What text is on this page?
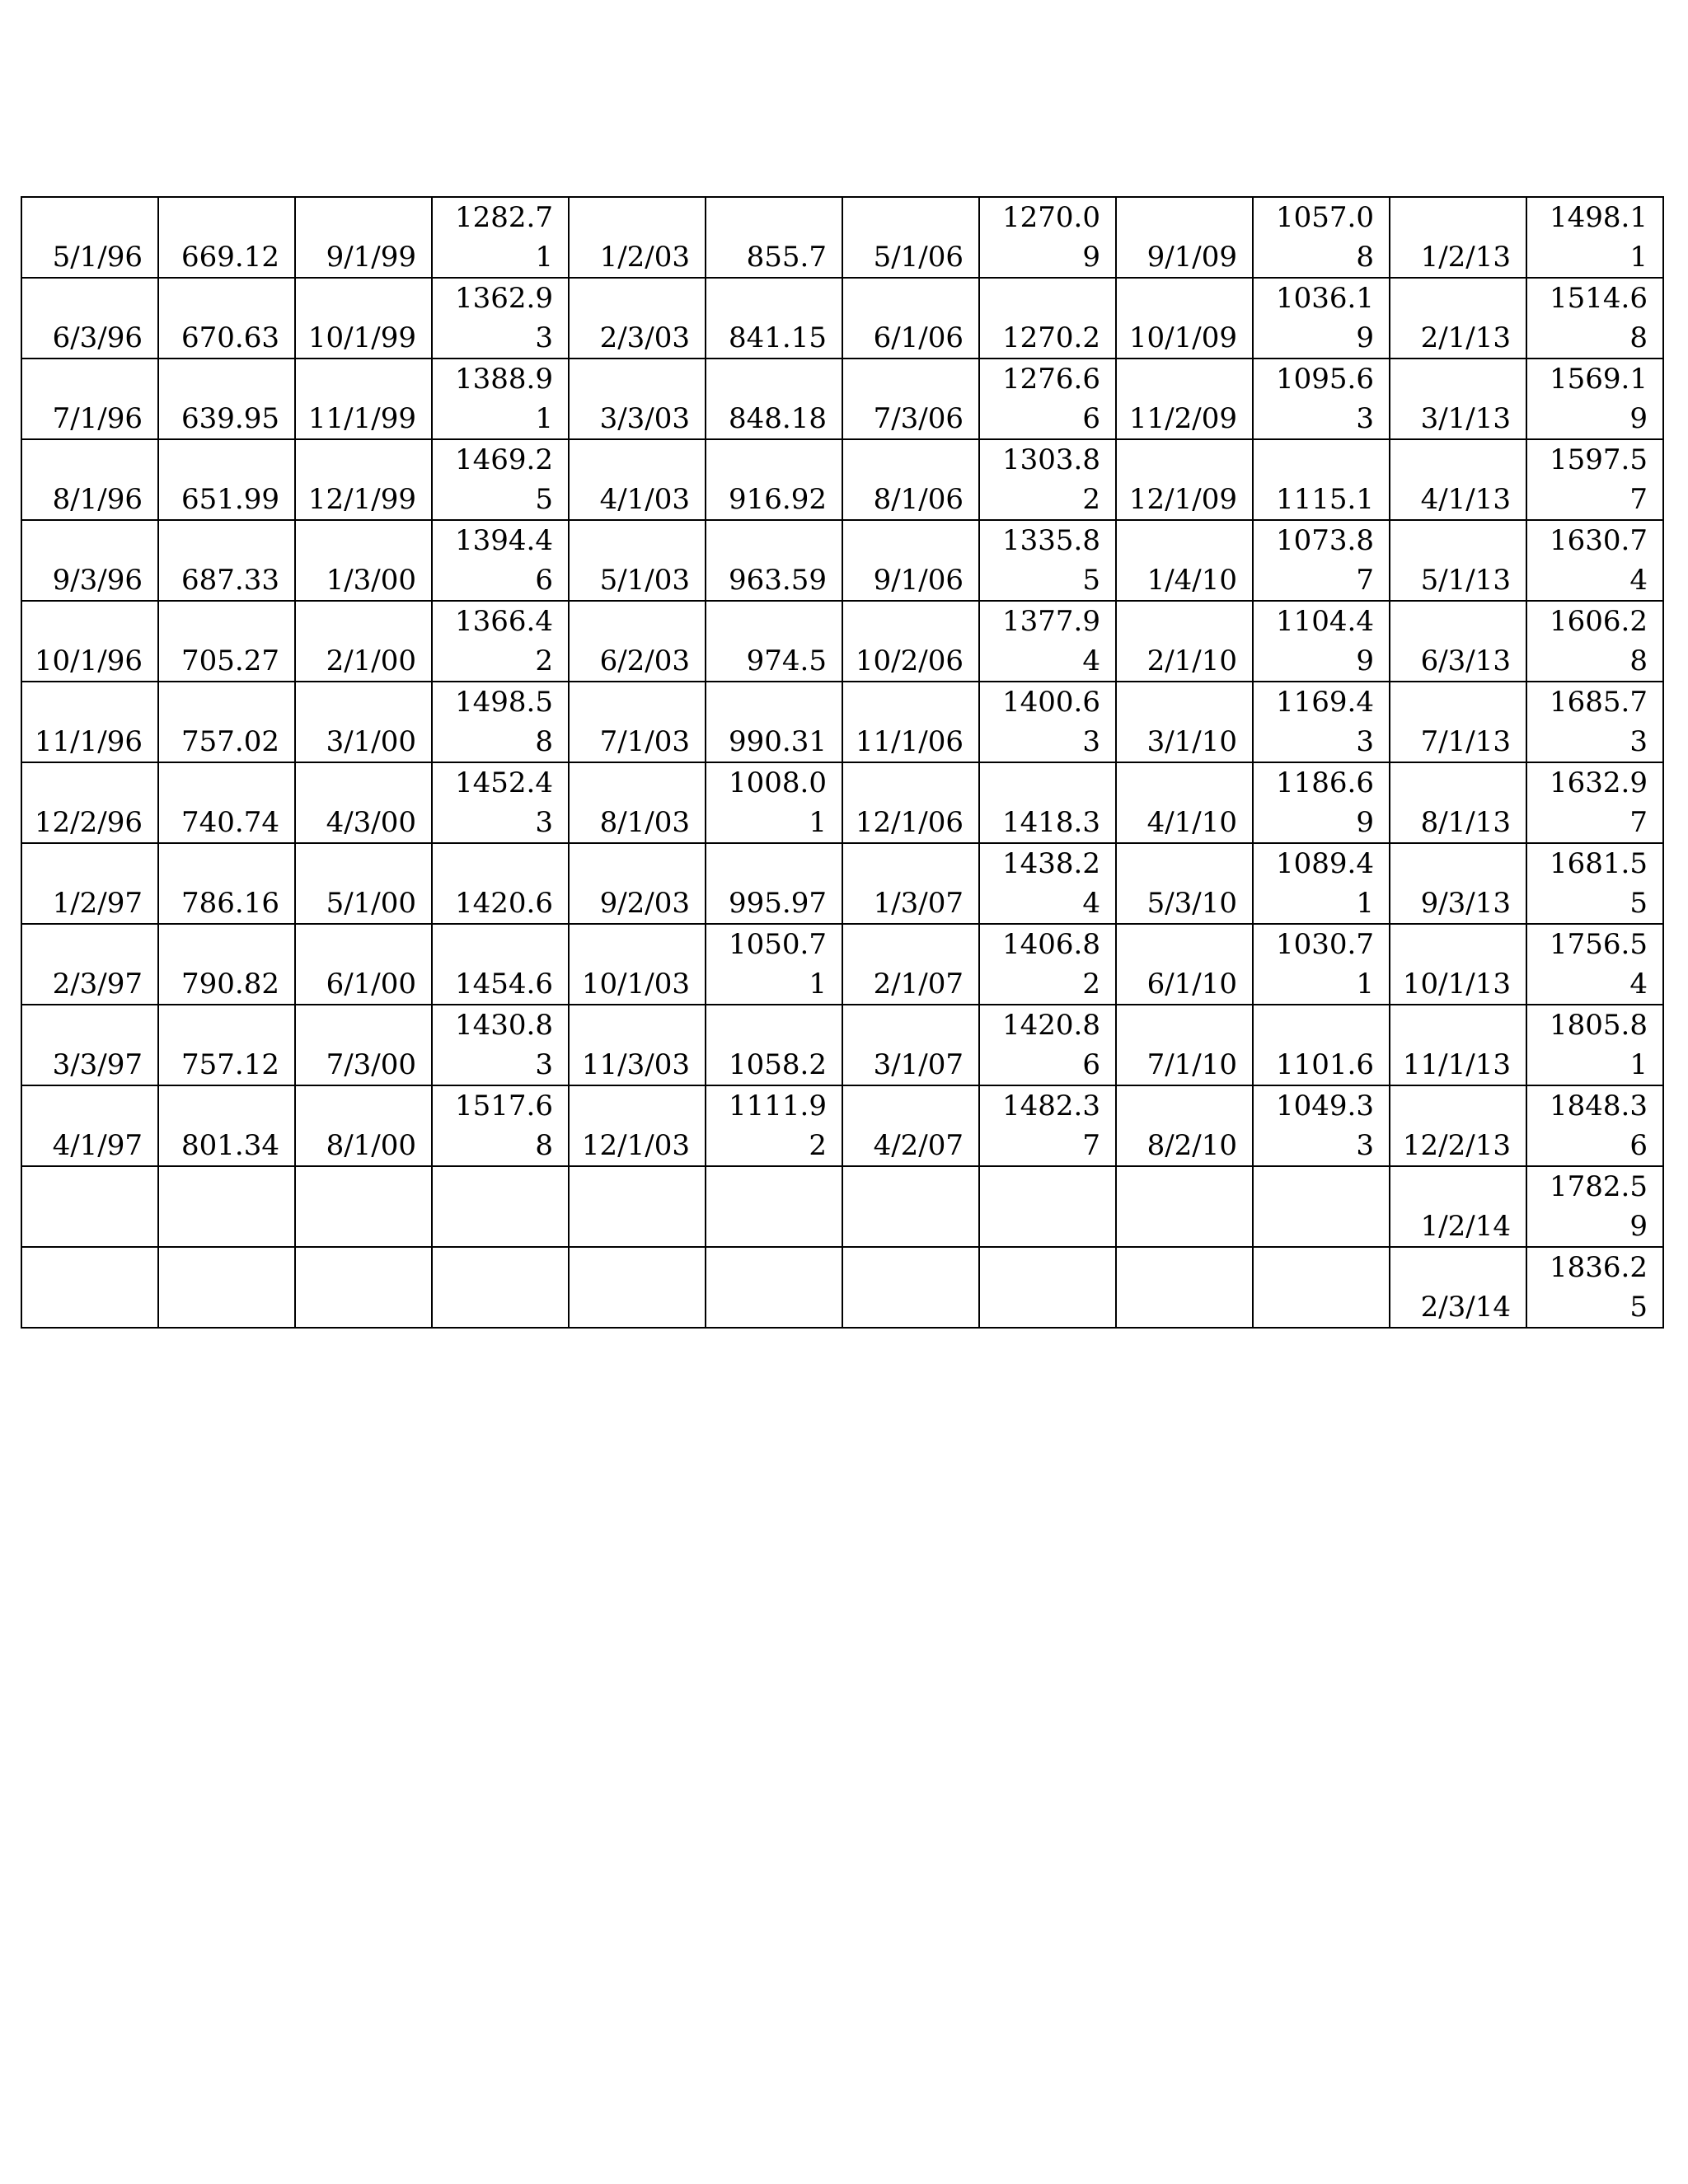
5/1/96	669.12	9/1/99	1282.71	1/2/03	855.7	5/1/06	1270.09	9/1/09	1057.08	1/2/13	1498.11

6/3/96	670.63	10/1/99	1362.93	2/3/03	841.15	6/1/06	1270.2	10/1/09	1036.19	2/1/13	1514.68

7/1/96	639.95	11/1/99	1388.91	3/3/03	848.18	7/3/06	1276.66	11/2/09	1095.63	3/1/13	1569.19

8/1/96	651.99	12/1/99	1469.25	4/1/03	916.92	8/1/06	1303.82	12/1/09	1115.1	4/1/13	1597.57

9/3/96	687.33	1/3/00	1394.46	5/1/03	963.59	9/1/06	1335.85	1/4/10	1073.87	5/1/13	1630.74

10/1/96	705.27	2/1/00	1366.42	6/2/03	974.5	10/2/06	1377.94	2/1/10	1104.49	6/3/13	1606.28

11/1/96	757.02	3/1/00	1498.58	7/1/03	990.31	11/1/06	1400.63	3/1/10	1169.43	7/1/13	1685.73

12/2/96	740.74	4/3/00	1452.43	8/1/03	1008.01	12/1/06	1418.3	4/1/10	1186.69	8/1/13	1632.97

1/2/97	786.16	5/1/00	1420.6	9/2/03	995.97	1/3/07	1438.24	5/3/10	1089.41	9/3/13	1681.55

2/3/97	790.82	6/1/00	1454.6	10/1/03	1050.71	2/1/07	1406.82	6/1/10	1030.71	10/1/13	1756.54

3/3/97	757.12	7/3/00	1430.83	11/3/03	1058.2	3/1/07	1420.86	7/1/10	1101.6	11/1/13	1805.81

4/1/97	801.34	8/1/00	1517.68	12/1/03	1111.92	4/2/07	1482.37	8/2/10	1049.33	12/2/13	1848.36

										1/2/14	1782.59

										2/3/14	1836.25
